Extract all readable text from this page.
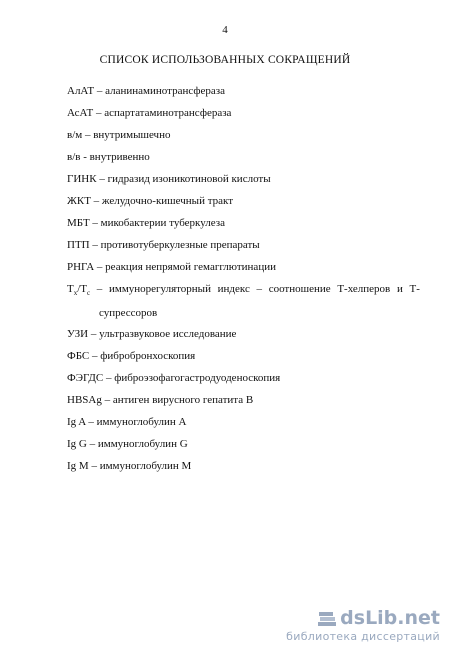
4
СПИСОК ИСПОЛЬЗОВАННЫХ СОКРАЩЕНИЙ
АлАТ – аланинаминотрансфераза
АсАТ – аспартатаминотрансфераза
в/м – внутримышечно
в/в - внутривенно
ГИНК – гидразид изоникотиновой кислоты
ЖКТ – желудочно-кишечный тракт
МБТ – микобактерии туберкулеза
ПТП – противотуберкулезные препараты
РНГА – реакция непрямой гемагглютинации
$Т_х/Т_с$ – иммунорегуляторный индекс – соотношение Т-хелперов и Т-
супрессоров
УЗИ – ультразвуковое исследование
ФБС – фибробронхоскопия
ФЭГДС – фиброэзофагогастродуоденоскопия
HBSAg – антиген вирусного гепатита В
Ig A – иммуноглобулин А
Ig G – иммуноглобулин G
Ig M – иммуноглобулин М
dsLib.net
библиотека диссертаций
